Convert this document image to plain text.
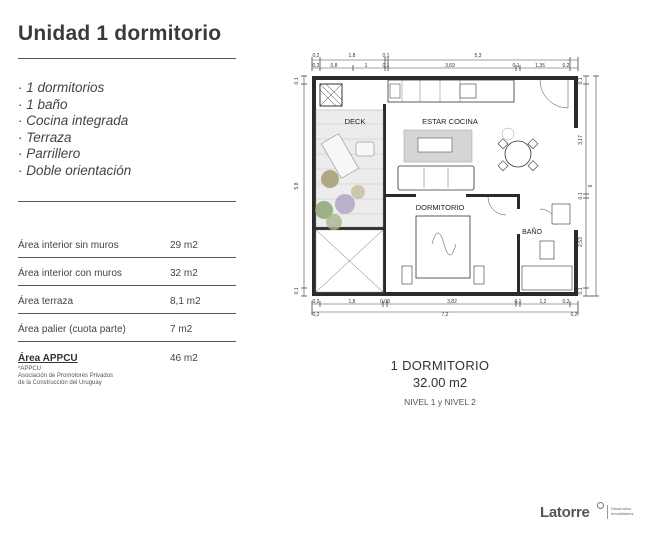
Unidad 1 dormitorio
· 1 dormitorios
· 1 baño
· Cocina integrada
· Terraza
· Parrillero
· Doble orientación
Área interior sin muros	29 m2
Área interior con muros	32 m2
Área terraza	8,1 m2
Área palier (cuota parte)	7 m2
Área APPCU	46 m2
*APPCU
Asociación de Promotores Privados
de la Construcción del Uruguay
0,2	1,8	0,1	5,3
0,2 0,8	1	0,1	3,69	0,1	1,35	0,2
0,2	1,8	0,08	3,82	0,1	1,2	0,2
0,2	7,2	0,2
0,1
5,8
0,1
0,1
3,17
0,1
2,53
0,1
6
DECK	ESTAR COCINA
DORMITORIO
BAÑO
1 DORMITORIO
32.00 m2
NIVEL 1 y NIVEL 2
Latorre	Desarrollos
Inmobiliarios
